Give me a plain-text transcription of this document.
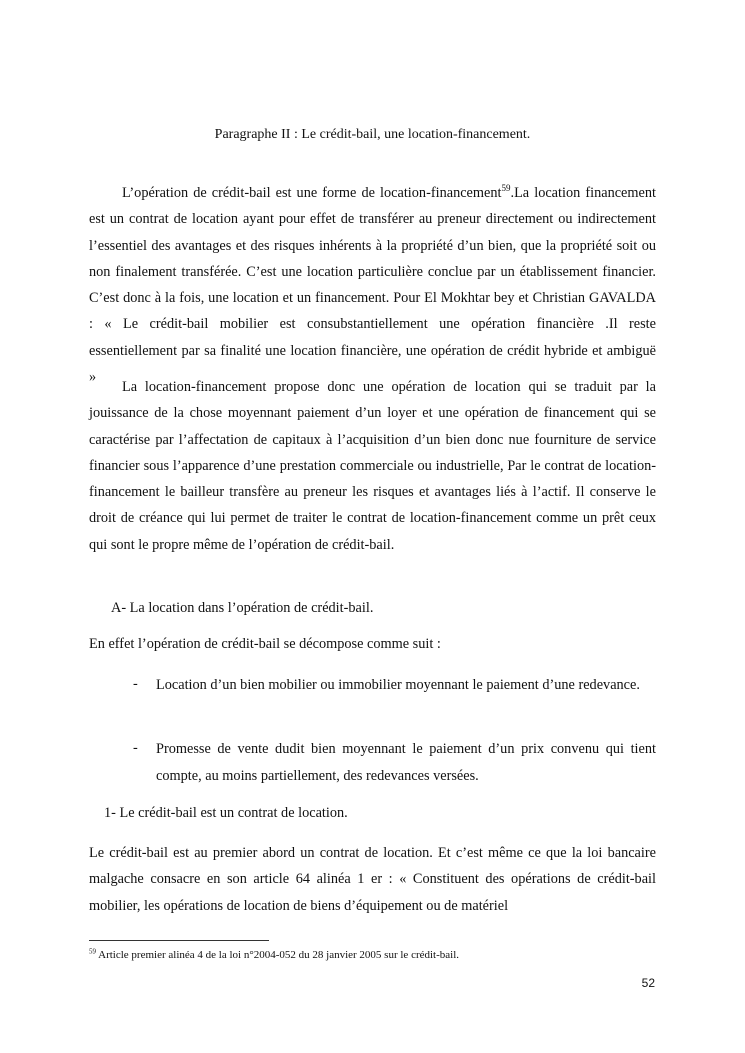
Paragraphe II : Le crédit-bail, une location-financement.

L’opération de crédit-bail est une forme de location-financement$^{59}$.La location financement est un contrat de location ayant pour effet de transférer au preneur directement ou indirectement l’essentiel des avantages et des risques inhérents à la propriété d’un bien, que la propriété soit ou non finalement transférée. C’est une location particulière conclue par un établissement financier. C’est donc à la fois, une location et un financement. Pour El Mokhtar bey et Christian GAVALDA : « Le crédit-bail mobilier est consubstantiellement une opération financière .Il reste essentiellement par sa finalité une location financière, une opération de crédit hybride et ambiguë »

La location-financement propose donc une opération de location qui se traduit par la jouissance de la chose moyennant paiement d’un loyer et une opération de financement qui se caractérise par l’affectation de capitaux à l’acquisition d’un bien donc nue fourniture de service financier sous l’apparence d’une prestation commerciale ou industrielle, Par le contrat de location-financement le bailleur transfère au preneur les risques et avantages liés à l’actif. Il conserve le droit de créance qui lui permet de traiter le contrat de location-financement comme un prêt ceux qui sont le propre même de l’opération de crédit-bail.

A- La location dans l’opération de crédit-bail.
En effet l’opération de crédit-bail se décompose comme suit :
- Location d’un bien mobilier ou immobilier moyennant le paiement d’une redevance.
- Promesse de vente dudit bien moyennant le paiement d’un prix convenu qui tient compte, au moins partiellement, des redevances versées.
1- Le crédit-bail est un contrat de location.

Le crédit-bail est au premier abord un contrat de location. Et c’est même ce que la loi bancaire malgache consacre en son article 64 alinéa 1 er : « Constituent des opérations de crédit-bail mobilier, les opérations de location de biens d’équipement ou de matériel

$^{59}$ Article premier alinéa 4 de la loi n°2004-052 du 28 janvier 2005 sur le crédit-bail.
52
